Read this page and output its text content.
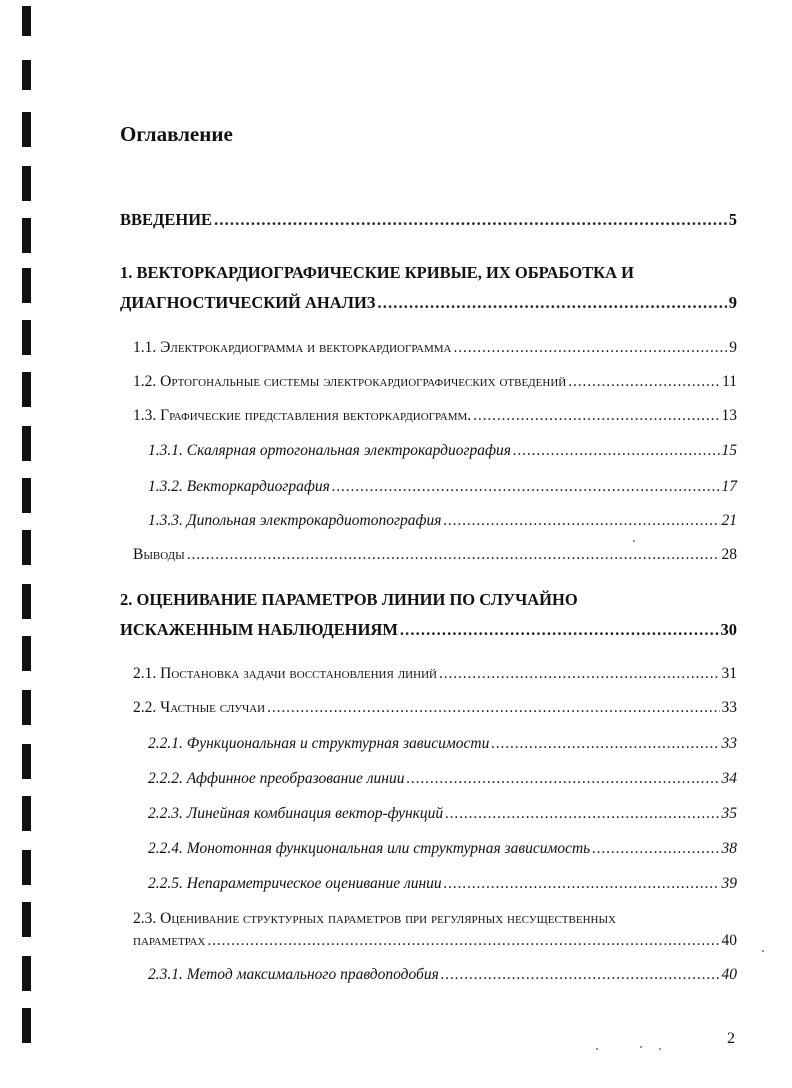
Оглавление
ВВЕДЕНИЕ . . .	5
1. ВЕКТОРКАРДИОГРАФИЧЕСКИЕ КРИВЫЕ, ИХ ОБРАБОТКА И
ДИАГНОСТИЧЕСКИЙ АНАЛИЗ . . .	9
1.1. Электрокардиограмма и векторкардиограмма . . .	9
1.2. Ортогональные системы электрокардиографических отведений . . .	11
1.3. Графические представления векторкардиограмм. . . .	13
1.3.1. Скалярная ортогональная электрокардиография . . .	15
1.3.2. Векторкардиография . . .	17
1.3.3. Дипольная электрокардиотопография . . .	21
Выводы . . .	28
2. ОЦЕНИВАНИЕ ПАРАМЕТРОВ ЛИНИИ ПО СЛУЧАЙНО
ИСКАЖЕННЫМ НАБЛЮДЕНИЯМ . . .	30
2.1. Постановка задачи восстановления линий . . .	31
2.2. Частные случаи . . .	33
2.2.1. Функциональная и структурная зависимости . . .	33
2.2.2. Аффинное преобразование линии . . .	34
2.2.3. Линейная комбинация вектор-функций . . .	35
2.2.4. Монотонная функциональная или структурная зависимость . . .	38
2.2.5. Непараметрическое оценивание линии . . .	39
2.3. Оценивание структурных параметров при регулярных несущественных
параметрах . . .	40
2.3.1. Метод максимального правдоподобия . . .	40

2
